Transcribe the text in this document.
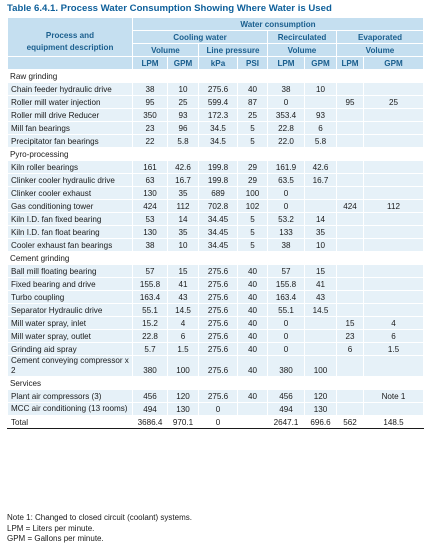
Table 6.4.1. Process Water Consumption Showing Where Water is Used
Process and
equipment description	Water consumption							
	Cooling water				Recirculated		Evaporated	
	Volume		Line pressure		Volume		Volume	
	LPM	GPM	kPa	PSI	LPM	GPM	LPM	GPM
Raw grinding								
Chain feeder hydraulic drive	38	10	275.6	40	38	10		
Roller mill water injection	95	25	599.4	87	0		95	25
Roller mill drive Reducer	350	93	172.3	25	353.4	93		
Mill fan bearings	23	96	34.5	5	22.8	6		
Precipitator fan bearings	22	5.8	34.5	5	22.0	5.8		
Pyro-processing								
Kiln roller bearings	161	42.6	199.8	29	161.9	42.6		
Clinker cooler hydraulic drive	63	16.7	199.8	29	63.5	16.7		
Clinker cooler exhaust	130	35	689	100	0			
Gas conditioning tower	424	112	702.8	102	0		424	112
Kiln I.D. fan fixed bearing	53	14	34.45	5	53.2	14		
Kiln I.D. fan float bearing	130	35	34.45	5	133	35		
Cooler exhaust fan bearings	38	10	34.45	5	38	10		
Cement grinding								
Ball mill floating bearing	57	15	275.6	40	57	15		
Fixed bearing and drive	155.8	41	275.6	40	155.8	41		
Turbo coupling	163.4	43	275.6	40	163.4	43		
Separator Hydraulic drive	55.1	14.5	275.6	40	55.1	14.5		
Mill water spray, inlet	15.2	4	275.6	40	0		15	4
Mill water spray, outlet	22.8	6	275.6	40	0		23	6
Grinding aid spray	5.7	1.5	275.6	40	0		6	1.5
Cement conveying compressor x 2	380	100	275.6	40	380	100		
Services								
Plant air compressors (3)	456	120	275.6	40	456	120		Note 1
MCC air conditioning (13 rooms)	494	130	0		494	130		
Total	3686.4	970.1	0		2647.1	696.6	562	148.5
Note 1: Changed to closed circuit (coolant) systems.
LPM = Liters per minute.
GPM = Gallons per minute.
